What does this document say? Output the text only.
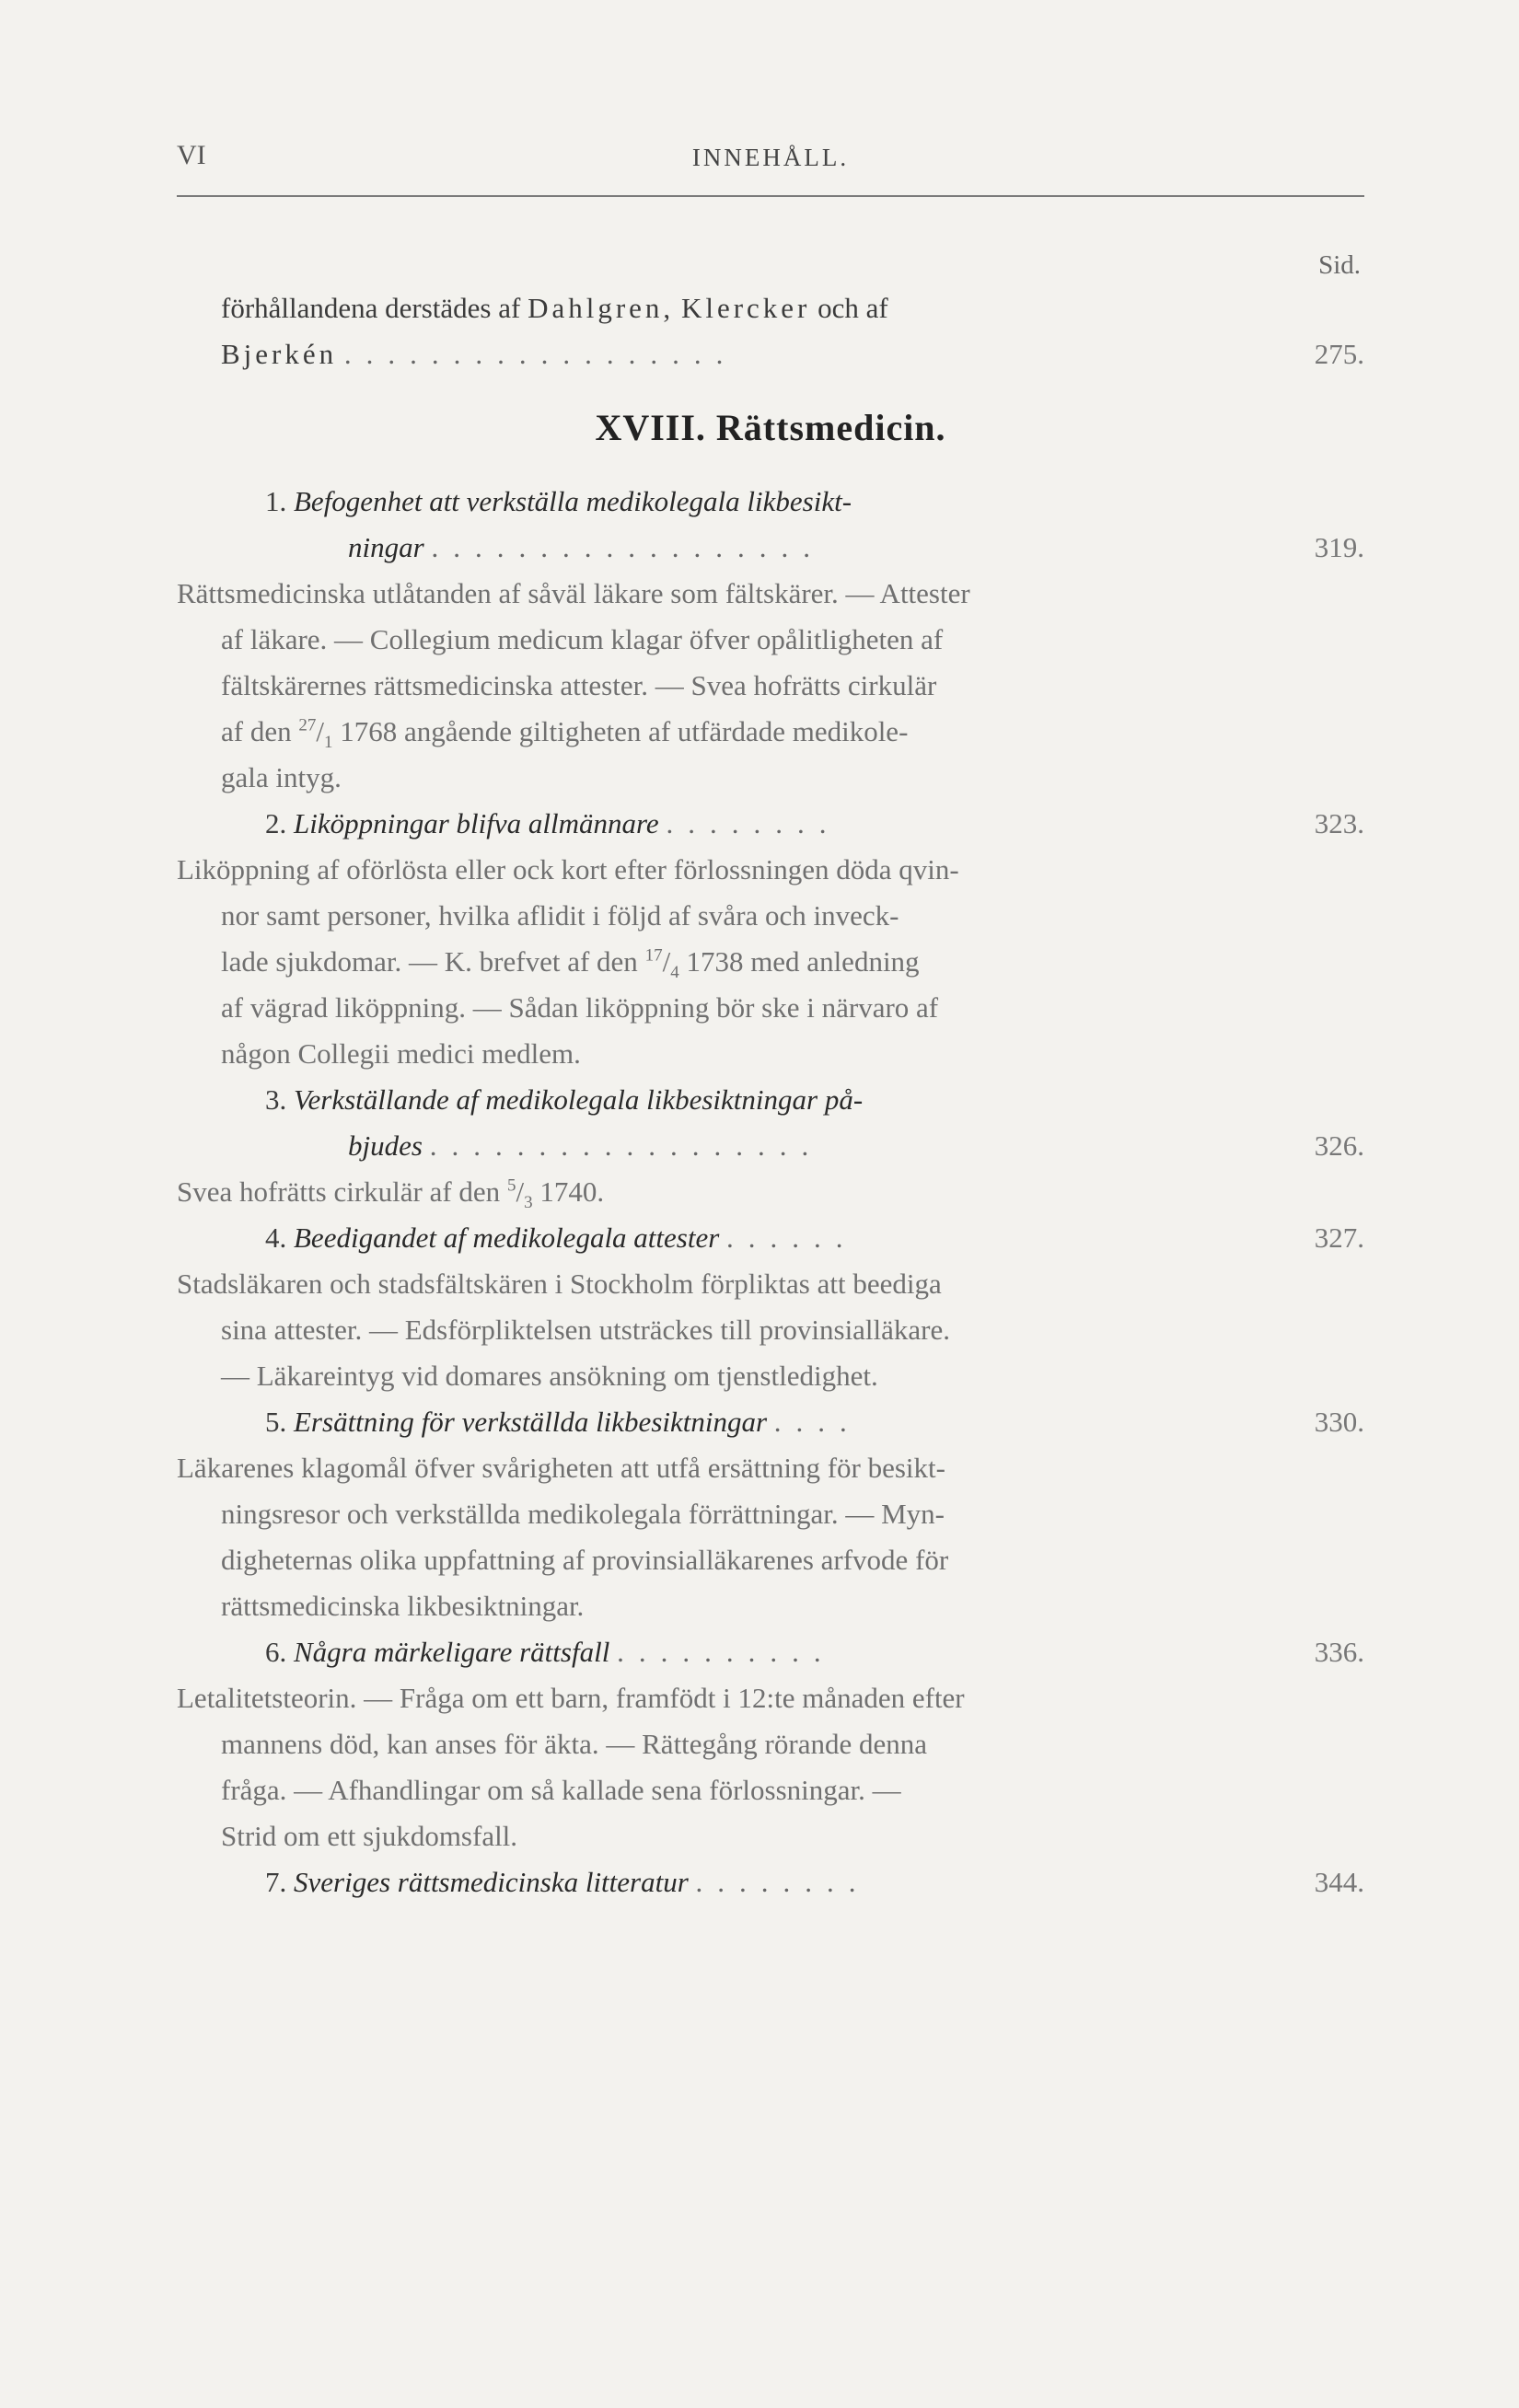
VI	INNEHÅLL.
Sid.
förhållandena derstädes af Dahlgren, Klercker och af
Bjerkén ..................	275.
XVIII. Rättsmedicin.
1. Befogenhet att verkställa medikolegala likbesikt-
ningar ..................	319.
Rättsmedicinska utlåtanden af såväl läkare som fältskärer. — Attester
af läkare. — Collegium medicum klagar öfver opålitligheten af
fältskärernes rättsmedicinska attester. — Svea hofrätts cirkulär
af den $^{27}/_1$ 1768 angående giltigheten af utfärdade medikole-
gala intyg.
2. Liköppningar blifva allmännare ........	323.
Liköppning af oförlösta eller ock kort efter förlossningen döda qvin-
nor samt personer, hvilka aflidit i följd af svåra och inveck-
lade sjukdomar. — K. brefvet af den $^{17}/_4$ 1738 med anledning
af vägrad liköppning. — Sådan liköppning bör ske i närvaro af
någon Collegii medici medlem.
3. Verkställande af medikolegala likbesiktningar på-
bjudes ..................	326.
Svea hofrätts cirkulär af den $^5/_3$ 1740.
4. Beedigandet af medikolegala attester ......	327.
Stadsläkaren och stadsfältskären i Stockholm förpliktas att beediga
sina attester. — Edsförpliktelsen utsträckes till provinsialläkare.
— Läkareintyg vid domares ansökning om tjenstledighet.
5. Ersättning för verkställda likbesiktningar ....	330.
Läkarenes klagomål öfver svårigheten att utfå ersättning för besikt-
ningsresor och verkställda medikolegala förrättningar. — Myn-
digheternas olika uppfattning af provinsialläkarenes arfvode för
rättsmedicinska likbesiktningar.
6. Några märkeligare rättsfall ..........	336.
Letalitetsteorin. — Fråga om ett barn, framfödt i 12:te månaden efter
mannens död, kan anses för äkta. — Rättegång rörande denna
fråga. — Afhandlingar om så kallade sena förlossningar. —
Strid om ett sjukdomsfall.
7. Sveriges rättsmedicinska litteratur ........	344.
